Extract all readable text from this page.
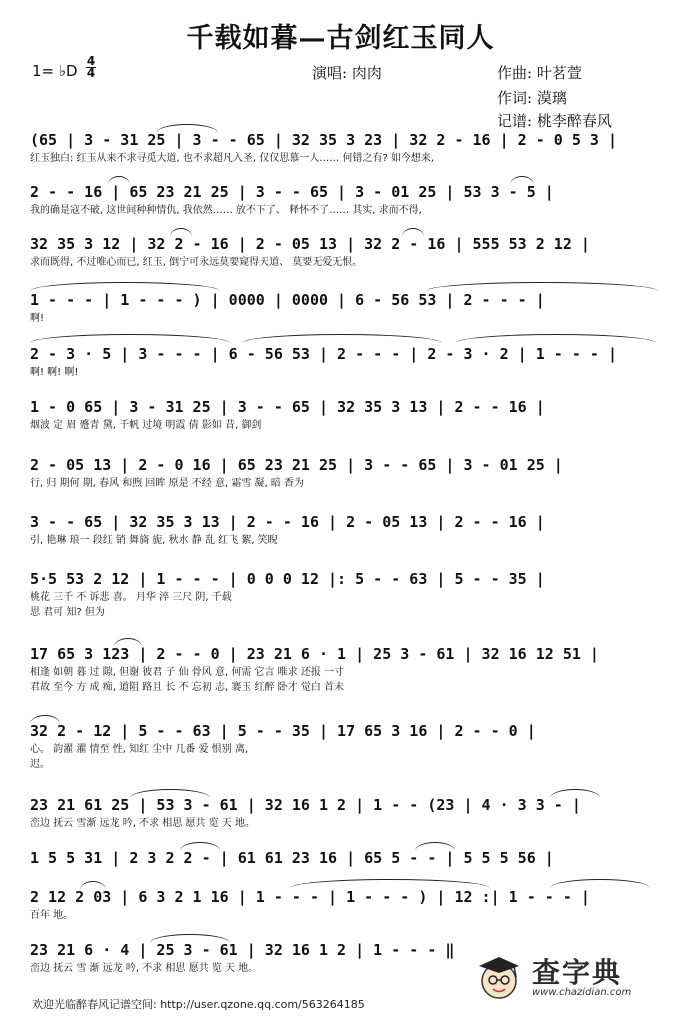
千载如暮—古剑红玉同人
1= ♭D
4
4	演唱: 肉肉	作曲: 叶茗萱
作词: 漠璃
记谱: 桃李醉春风
(65 | 3 - 31 25 | 3 - - 65 | 32 35 3 23 | 32 2 - 16 | 2 - 0 5 3 |
红玉独白: 红玉从来不求寻觅大道, 也不求超凡入圣, 仅仅思慕一人…… 何错之有? 如今想来,
2 - - 16 | 65 23 21 25 | 3 - - 65 | 3 - 01 25 | 53 3 - 5 |
我的确是寇不破, 这世间种种情仇, 我依然…… 放不下了、 释怀不了…… 其实, 求而不得,
32 35 3 12 | 32 2 - 16 | 2 - 05 13 | 32 2 - 16 | 555 53 2 12 |
求而既得, 不过唯心而已, 红玉, 倒宁可永远莫要窥得天道、 莫要无爱无恨。
1 - - - | 1 - - - ) | 0000 | 0000 | 6 - 56 53 | 2 - - - |
啊!
2 - 3 · 5 | 3 - - - | 6 - 56 53 | 2 - - - | 2 - 3 · 2 | 1 - - - |
啊! 啊! 啊!
1 - 0 65 | 3 - 31 25 | 3 - - 65 | 32 35 3 13 | 2 - - 16 |
烟波 定 眉 蹙青 黛, 千帆 过境 明霞 倩 影如 昔, 御剑
2 - 05 13 | 2 - 0 16 | 65 23 21 25 | 3 - - 65 | 3 - 01 25 |
行, 归 期何 期, 春风 和煦 回眸 原是 不经 意, 霜雪 凝, 暗 香为
3 - - 65 | 32 35 3 13 | 2 - - 16 | 2 - 05 13 | 2 - - 16 |
引, 艳琳 琅一 段红 销 舞旖 旎, 秋水 静 乱 红飞 絮, 笑睨
5·5 53 2 12 | 1 - - - | 0 0 0 12 |: 5 - - 63 | 5 - - 35 |
桃花 三千 不 诉悲 喜。 月华 淬 三尺 阴, 千载
思 君可 知? 但为
17 65 3 123 | 2 - - 0 | 23 21 6 · 1 | 25 3 - 61 | 32 16 12 51 |
相逢 如朝 暮 过 隙, 但谢 彼君 子 仙 骨风 意, 何需 它言 唯求 还报 一寸
君故 至今 方 成 痴, 道阻 路且 长 不 忘初 志, 褰玉 红醉 卧才 觉白 首未
32 2 - 12 | 5 - - 63 | 5 - - 35 | 17 65 3 16 | 2 - - 0 |
心。 韵濯 濯 情至 性, 知红 尘中 几番 爱 恨别 离,
迟。
23 21 61 25 | 53 3 - 61 | 32 16 1 2 | 1 - - (23 | 4 · 3 3 - |
峦边 抚云 雪渐 远龙 吟, 不求 相思 愿共 览 天 地。
1 5 5 31 | 2 3 2 2 - | 61 61 23 16 | 65 5 - - | 5 5 5 56 |
2 12 2 03 | 6 3 2 1 16 | 1 - - - | 1 - - - ) | 12 :| 1 - - - |
百年 地。
23 21 6 · 4 | 25 3 - 61 | 32 16 1 2 | 1 - - - ‖
峦边 抚云 雪 渐 远龙 吟, 不求 相思 愿共 览 天 地。
欢迎光临醉春风记谱空间: http://user.qzone.qq.com/563264185
查字典
www.chazidian.com
